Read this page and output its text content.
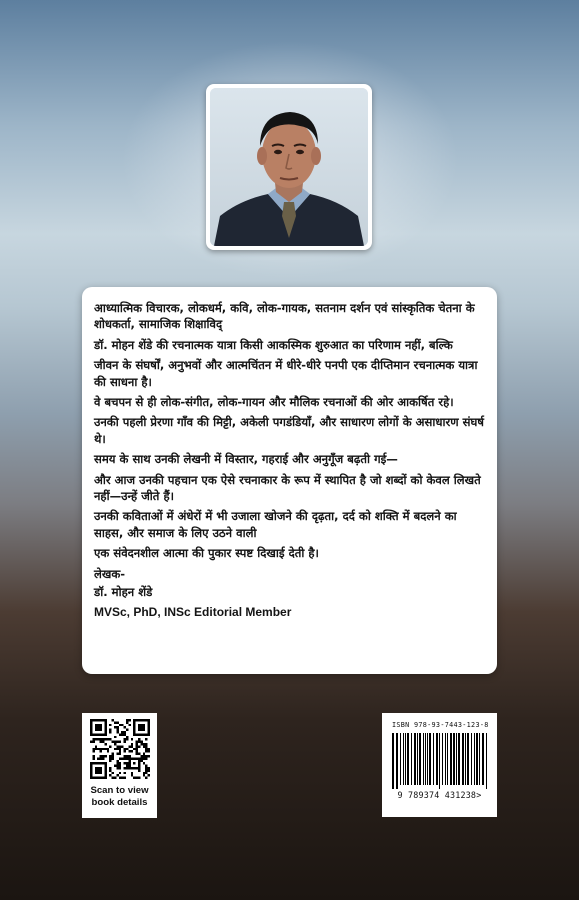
आध्यात्मिक विचारक, लोकधर्म, कवि, लोक-गायक, सतनाम दर्शन एवं सांस्कृतिक चेतना के शोधकर्ता, सामाजिक शिक्षाविद्

डॉ. मोहन शेंडे की रचनात्मक यात्रा किसी आकस्मिक शुरुआत का परिणाम नहीं, बल्कि

जीवन के संघर्षों, अनुभवों और आत्मचिंतन में धीरे-धीरे पनपी एक दीप्तिमान रचनात्मक यात्रा की साधना है।

वे बचपन से ही लोक-संगीत, लोक-गायन और मौलिक रचनाओं की ओर आकर्षित रहे।

उनकी पहली प्रेरणा गाँव की मिट्टी, अकेली पगडंडियाँ, और साधारण लोगों के असाधारण संघर्ष थे।

समय के साथ उनकी लेखनी में विस्तार, गहराई और अनुगूँज बढ़ती गई—

और आज उनकी पहचान एक ऐसे रचनाकार के रूप में स्थापित है जो शब्दों को केवल लिखते नहीं—उन्हें जीते हैं।

उनकी कविताओं में अंधेरों में भी उजाला खोजने की दृढ़ता, दर्द को शक्ति में बदलने का साहस, और समाज के लिए उठने वाली

एक संवेदनशील आत्मा की पुकार स्पष्ट दिखाई देती है।

लेखक-

डॉ. मोहन शेंडे

MVSc, PhD, INSc Editorial Member
Scan to view
book details
ISBN 978-93-7443-123-8
9 789374 431238>
